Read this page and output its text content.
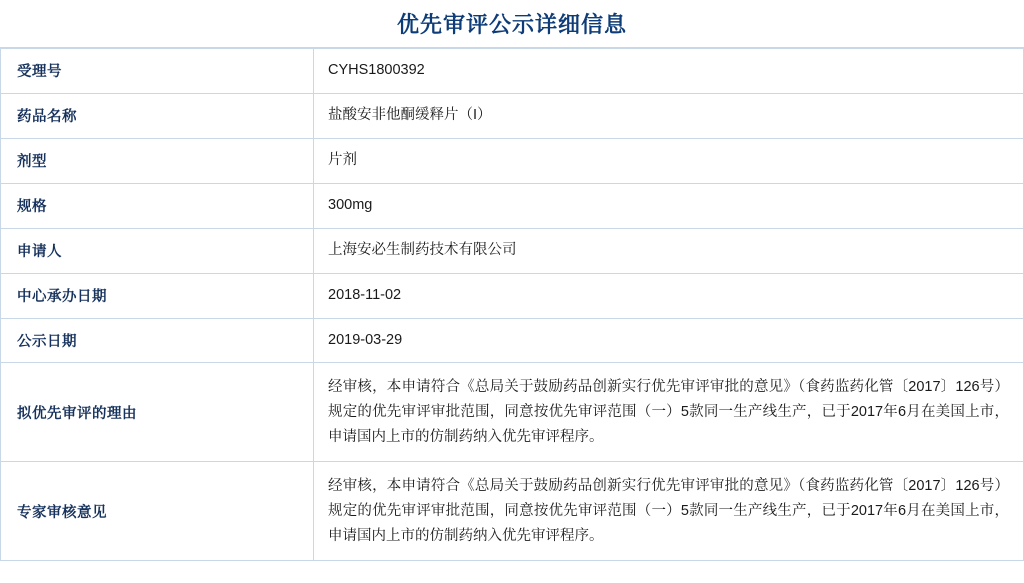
优先审评公示详细信息
受理号	CYHS1800392
药品名称	盐酸安非他酮缓释片（I）
剂型	片剂
规格	300mg
申请人	上海安必生制药技术有限公司
中心承办日期	2018-11-02
公示日期	2019-03-29
拟优先审评的理由	经审核，本申请符合《总局关于鼓励药品创新实行优先审评审批的意见》（食药监药化管〔2017〕126号）规定的优先审评审批范围，同意按优先审评范围（一）5款同一生产线生产，已于2017年6月在美国上市，申请国内上市的仿制药纳入优先审评程序。

专家审核意见	经审核，本申请符合《总局关于鼓励药品创新实行优先审评审批的意见》（食药监药化管〔2017〕126号）规定的优先审评审批范围，同意按优先审评范围（一）5款同一生产线生产，已于2017年6月在美国上市，申请国内上市的仿制药纳入优先审评程序。
